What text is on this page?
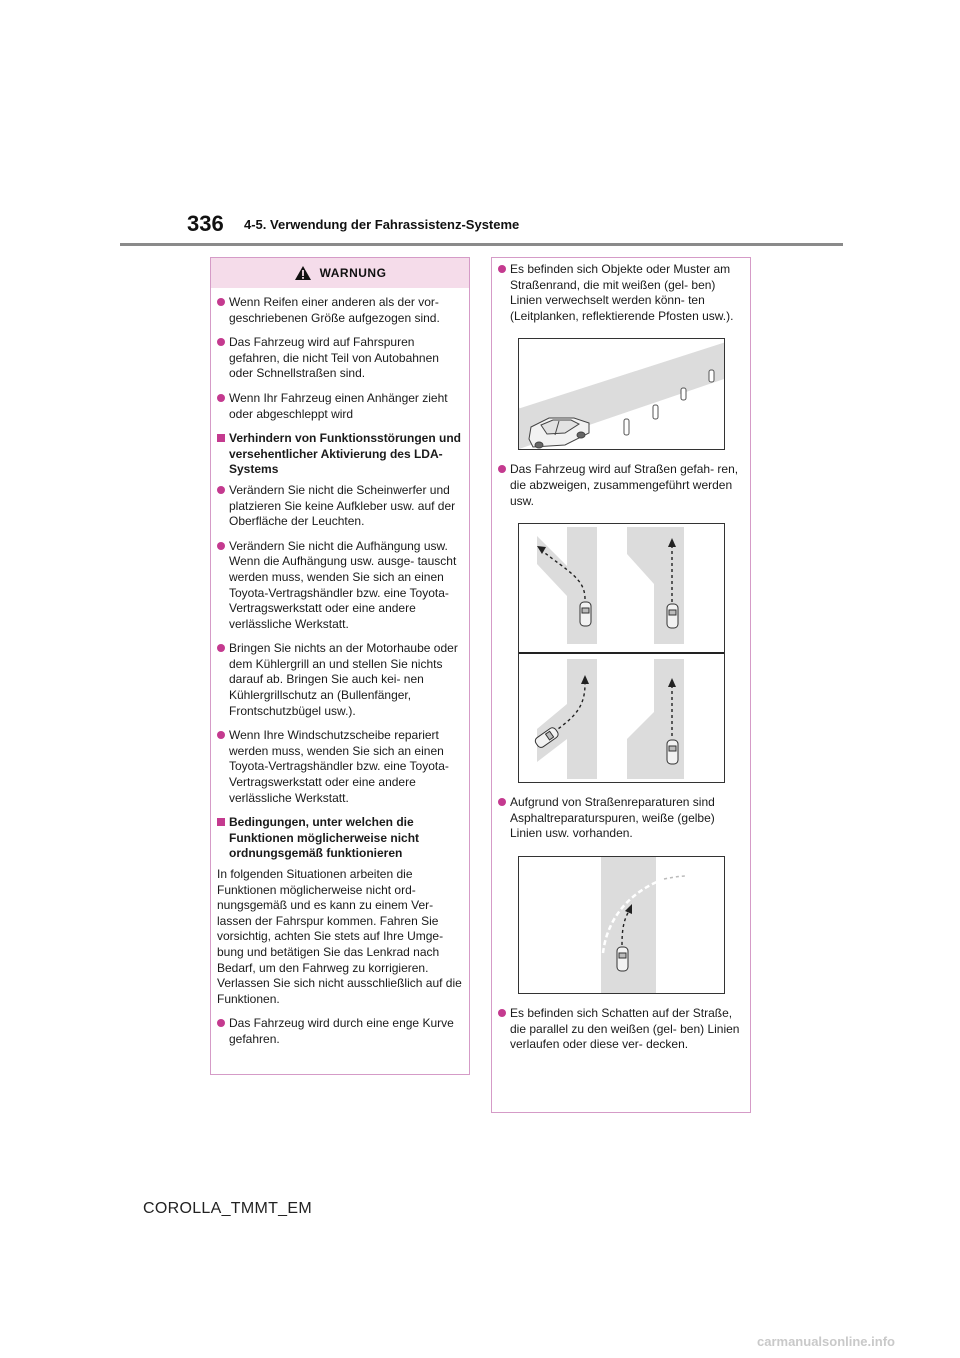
336 4-5. Verwendung der Fahrassistenz-Systeme
WARNUNG
Wenn Reifen einer anderen als der vor- geschriebenen Größe aufgezogen sind.
Das Fahrzeug wird auf Fahrspuren gefahren, die nicht Teil von Autobahnen oder Schnellstraßen sind.
Wenn Ihr Fahrzeug einen Anhänger zieht oder abgeschleppt wird
Verhindern von Funktionsstörungen und versehentlicher Aktivierung des LDA-Systems
Verändern Sie nicht die Scheinwerfer und platzieren Sie keine Aufkleber usw. auf der Oberfläche der Leuchten.
Verändern Sie nicht die Aufhängung usw. Wenn die Aufhängung usw. ausge- tauscht werden muss, wenden Sie sich an einen Toyota-Vertragshändler bzw. eine Toyota-Vertragswerkstatt oder eine andere verlässliche Werkstatt.
Bringen Sie nichts an der Motorhaube oder dem Kühlergrill an und stellen Sie nichts darauf ab. Bringen Sie auch kei- nen Kühlergrillschutz an (Bullenfänger, Frontschutzbügel usw.).
Wenn Ihre Windschutzscheibe repariert werden muss, wenden Sie sich an einen Toyota-Vertragshändler bzw. eine Toyota-Vertragswerkstatt oder eine andere verlässliche Werkstatt.
Bedingungen, unter welchen die Funktionen möglicherweise nicht ordnungsgemäß funktionieren
In folgenden Situationen arbeiten die Funktionen möglicherweise nicht ord- nungsgemäß und es kann zu einem Ver- lassen der Fahrspur kommen. Fahren Sie vorsichtig, achten Sie stets auf Ihre Umge- bung und betätigen Sie das Lenkrad nach Bedarf, um den Fahrweg zu korrigieren. Verlassen Sie sich nicht ausschließlich auf die Funktionen.
Das Fahrzeug wird durch eine enge Kurve gefahren.
Es befinden sich Objekte oder Muster am Straßenrand, die mit weißen (gel- ben) Linien verwechselt werden könn- ten (Leitplanken, reflektierende Pfosten usw.).
Das Fahrzeug wird auf Straßen gefah- ren, die abzweigen, zusammengeführt werden usw.
Aufgrund von Straßenreparaturen sind Asphaltreparaturspuren, weiße (gelbe) Linien usw. vorhanden.
Es befinden sich Schatten auf der Straße, die parallel zu den weißen (gel- ben) Linien verlaufen oder diese ver- decken.
COROLLA_TMMT_EM
carmanualsonline.info
